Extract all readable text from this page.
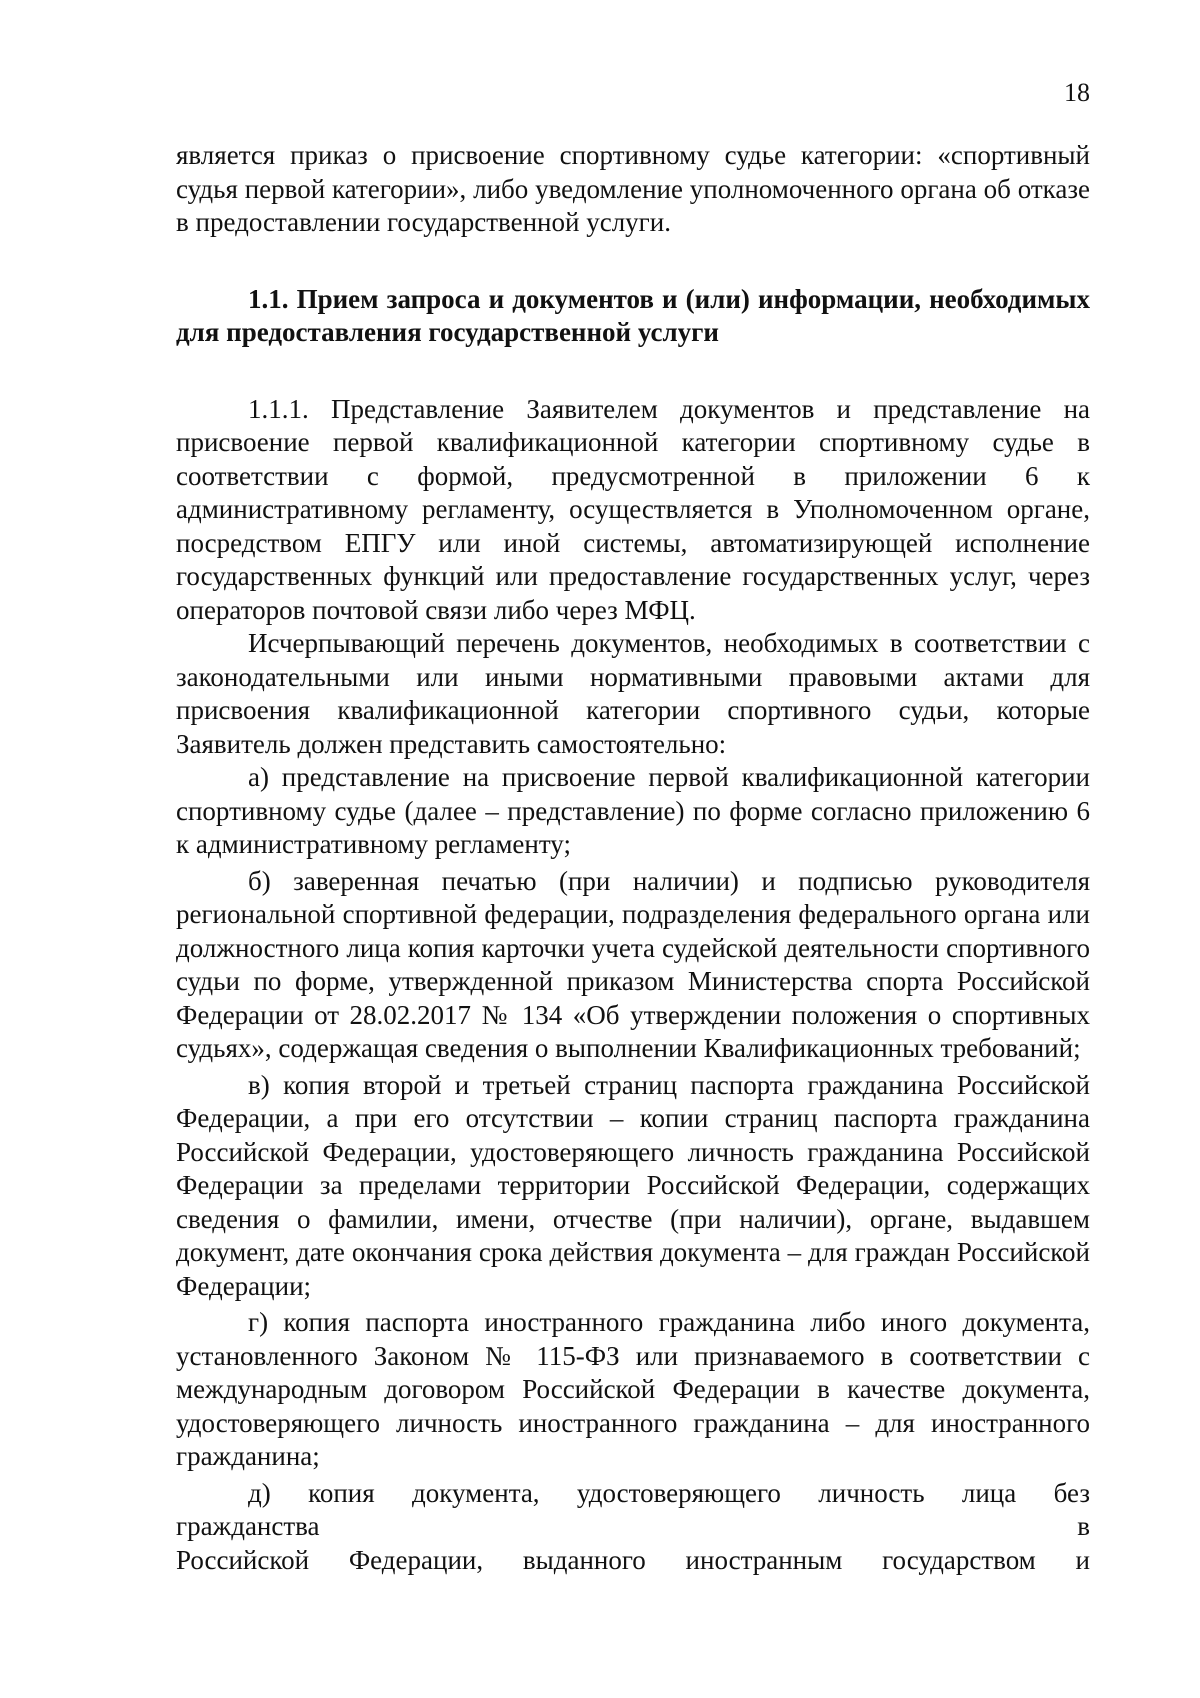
18

является приказ о присвоение спортивному судье категории: «спортивный судья первой категории», либо уведомление уполномоченного органа об отказе в предоставлении государственной услуги.

1.1. Прием запроса и документов и (или) информации, необходимых для предоставления государственной услуги

1.1.1. Представление Заявителем документов и представление на присвоение первой квалификационной категории спортивному судье в соответствии с формой, предусмотренной в приложении 6 к административному регламенту, осуществляется в Уполномоченном органе, посредством ЕПГУ или иной системы, автоматизирующей исполнение государственных функций или предоставление государственных услуг, через операторов почтовой связи либо через МФЦ.

Исчерпывающий перечень документов, необходимых в соответствии с законодательными или иными нормативными правовыми актами для присвоения квалификационной категории спортивного судьи, которые Заявитель должен представить самостоятельно:

а) представление на присвоение первой квалификационной категории спортивному судье (далее – представление) по форме согласно приложению 6 к административному регламенту;

б) заверенная печатью (при наличии) и подписью руководителя региональной спортивной федерации, подразделения федерального органа или должностного лица копия карточки учета судейской деятельности спортивного судьи по форме, утвержденной приказом Министерства спорта Российской Федерации от 28.02.2017 № 134 «Об утверждении положения о спортивных судьях», содержащая сведения о выполнении Квалификационных требований;

в) копия второй и третьей страниц паспорта гражданина Российской Федерации, а при его отсутствии – копии страниц паспорта гражданина Российской Федерации, удостоверяющего личность гражданина Российской Федерации за пределами территории Российской Федерации, содержащих сведения о фамилии, имени, отчестве (при наличии), органе, выдавшем документ, дате окончания срока действия документа – для граждан Российской Федерации;

г) копия паспорта иностранного гражданина либо иного документа, установленного Законом № 115-ФЗ или признаваемого в соответствии с международным договором Российской Федерации в качестве документа, удостоверяющего личность иностранного гражданина – для иностранного гражданина;

д) копия документа, удостоверяющего личность лица без

гражданства в

Российской Федерации, выданного иностранным государством и
